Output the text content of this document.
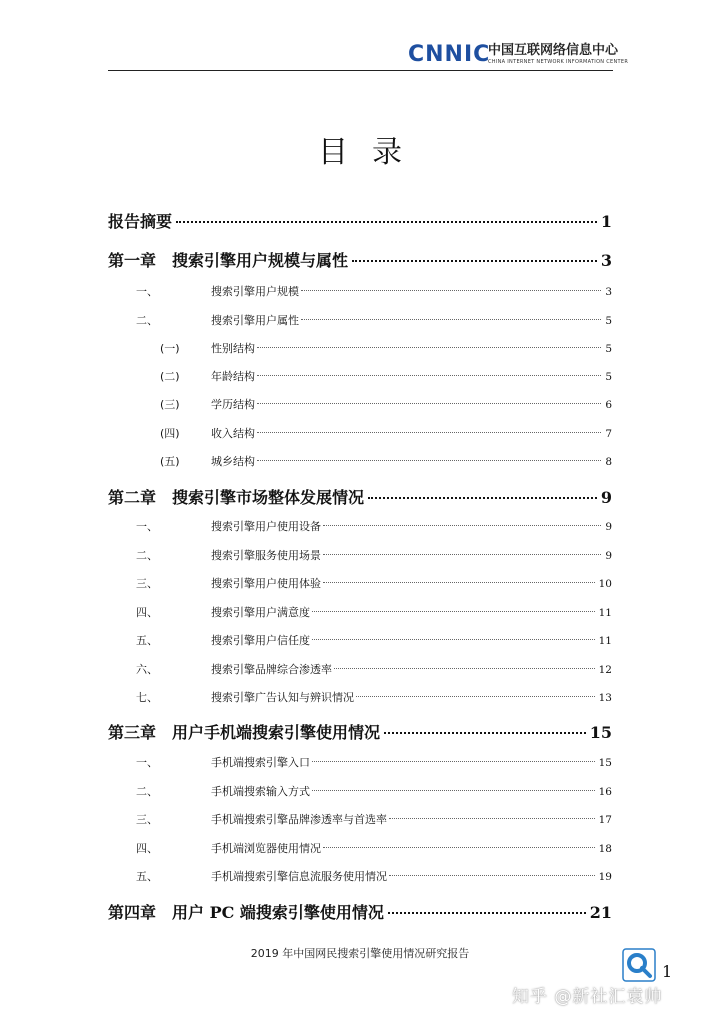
CNNIC
中国互联网络信息中心
CHINA INTERNET NETWORK INFORMATION CENTER
目录
报告摘要	1
第一章 搜索引擎用户规模与属性	3
一、	搜索引擎用户规模	3
二、	搜索引擎用户属性	5
(一)	性别结构	5
(二)	年龄结构	5
(三)	学历结构	6
(四)	收入结构	7
(五)	城乡结构	8
第二章 搜索引擎市场整体发展情况	9
一、	搜索引擎用户使用设备	9
二、	搜索引擎服务使用场景	9
三、	搜索引擎用户使用体验	10
四、	搜索引擎用户满意度	11
五、	搜索引擎用户信任度	11
六、	搜索引擎品牌综合渗透率	12
七、	搜索引擎广告认知与辨识情况	13
第三章 用户手机端搜索引擎使用情况	15
一、	手机端搜索引擎入口	15
二、	手机端搜索输入方式	16
三、	手机端搜索引擎品牌渗透率与首选率	17
四、	手机端浏览器使用情况	18
五、	手机端搜索引擎信息流服务使用情况	19
第四章 用户 PC 端搜索引擎使用情况	21
2019 年中国网民搜索引擎使用情况研究报告
1
知乎 @新社汇袁帅
